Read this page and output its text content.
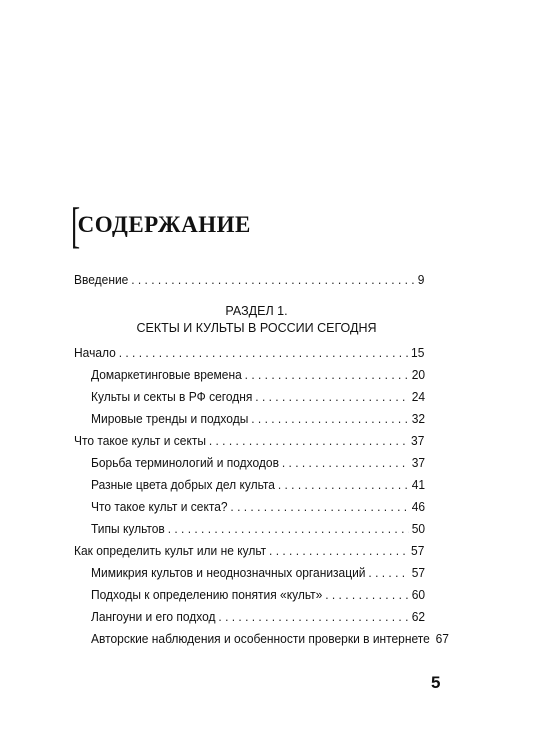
[
СОДЕРЖАНИЕ
Введение . . .	9
Начало . . .	15
Домаркетинговые времена . . .	20
Культы и секты в РФ сегодня . . .	24
Мировые тренды и подходы . . .	32
Что такое культ и секты . . .	37
Борьба терминологий и подходов . . .	37
Разные цвета добрых дел культа . . .	41
Что такое культ и секта? . . .	46
Типы культов . . .	50
Как определить культ или не культ . . .	57
Мимикрия культов и неоднозначных организаций . . .	57
Подходы к определению понятия «культ» . . .	60
Лангоуни и его подход . . .	62
Авторские наблюдения и особенности проверки в интернете 67
РАЗДЕЛ 1.
СЕКТЫ И КУЛЬТЫ В РОССИИ СЕГОДНЯ
5
